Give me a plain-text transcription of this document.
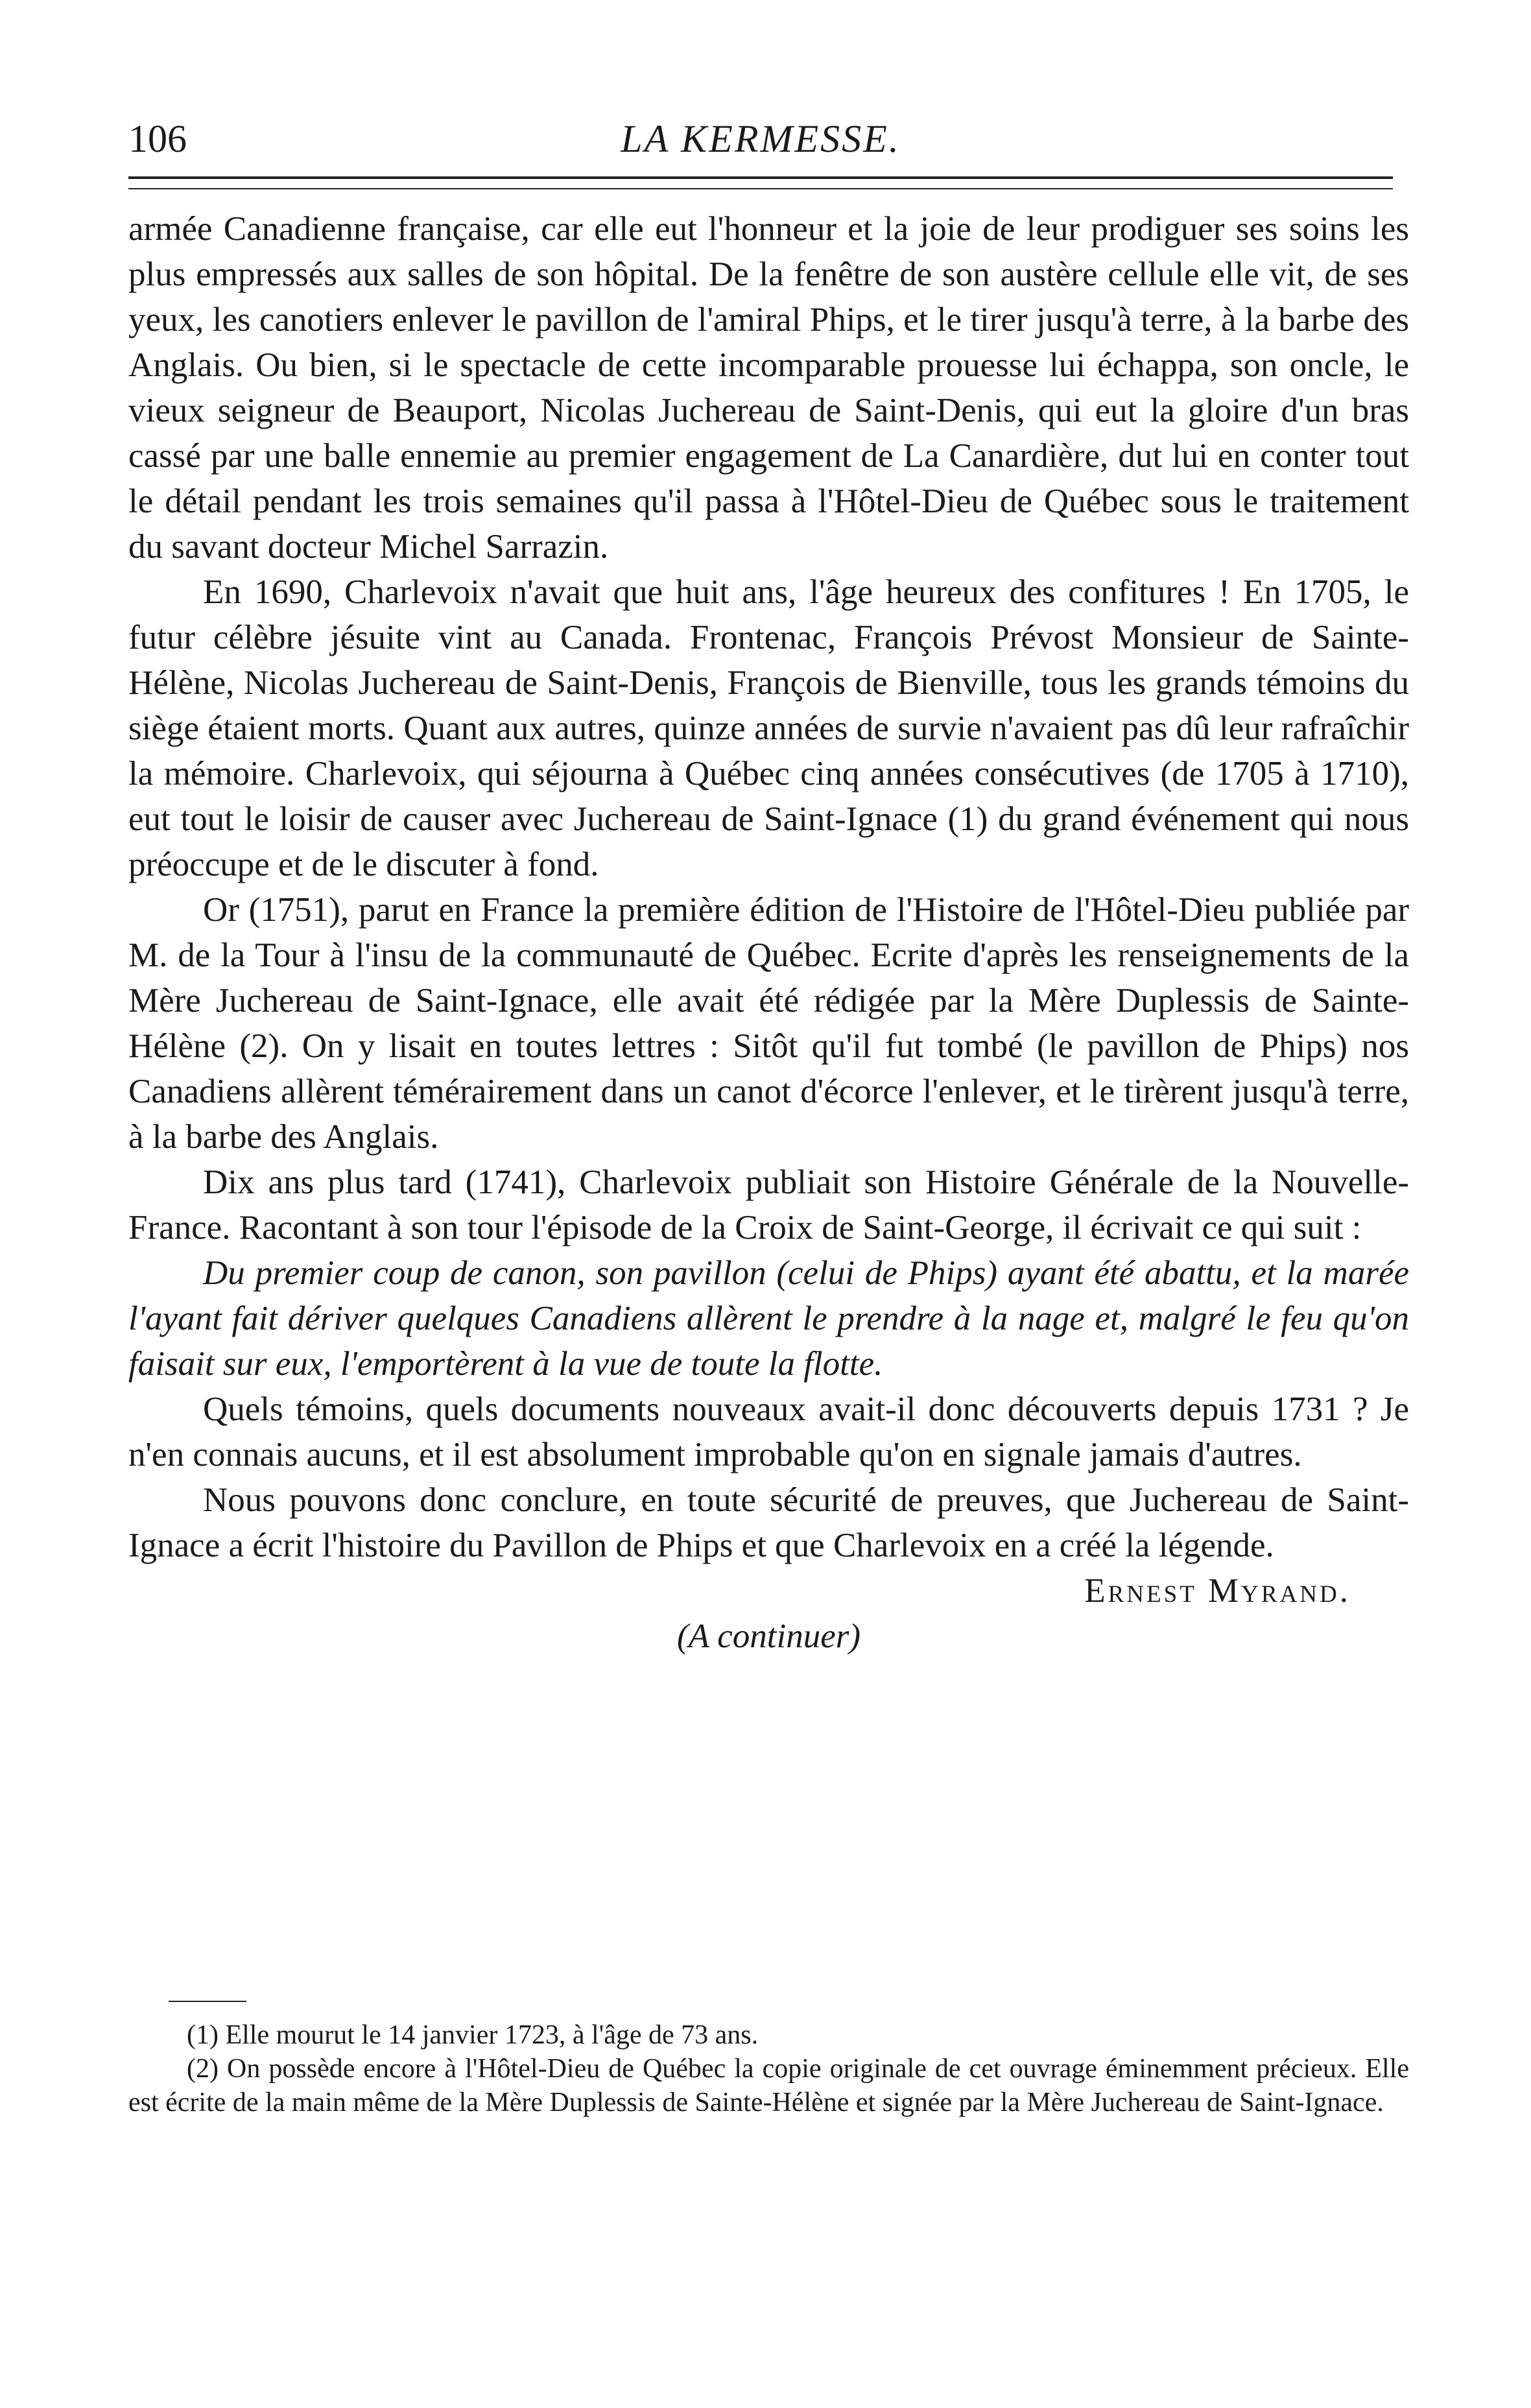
106	LA KERMESSE.

armée Canadienne française, car elle eut l'honneur et la joie de leur prodiguer ses soins les plus empressés aux salles de son hôpital. De la fenêtre de son austère cellule elle vit, de ses yeux, les canotiers enlever le pavillon de l'amiral Phips, et le tirer jusqu'à terre, à la barbe des Anglais. Ou bien, si le spectacle de cette incomparable prouesse lui échappa, son oncle, le vieux seigneur de Beauport, Nicolas Juchereau de Saint-Denis, qui eut la gloire d'un bras cassé par une balle ennemie au premier engagement de La Canardière, dut lui en conter tout le détail pendant les trois semaines qu'il passa à l'Hôtel-Dieu de Québec sous le traitement du savant docteur Michel Sarrazin.

En 1690, Charlevoix n'avait que huit ans, l'âge heureux des confitures ! En 1705, le futur célèbre jésuite vint au Canada. Frontenac, François Prévost Monsieur de Sainte-Hélène, Nicolas Juchereau de Saint-Denis, François de Bienville, tous les grands témoins du siège étaient morts. Quant aux autres, quinze années de survie n'avaient pas dû leur rafraîchir la mémoire. Charlevoix, qui séjourna à Québec cinq années consécutives (de 1705 à 1710), eut tout le loisir de causer avec Juchereau de Saint-Ignace (1) du grand événement qui nous préoccupe et de le discuter à fond.

Or (1751), parut en France la première édition de l'Histoire de l'Hôtel-Dieu publiée par M. de la Tour à l'insu de la communauté de Québec. Ecrite d'après les renseignements de la Mère Juchereau de Saint-Ignace, elle avait été rédigée par la Mère Duplessis de Sainte-Hélène (2). On y lisait en toutes lettres : Sitôt qu'il fut tombé (le pavillon de Phips) nos Canadiens allèrent témérairement dans un canot d'écorce l'enlever, et le tirèrent jusqu'à terre, à la barbe des Anglais.

Dix ans plus tard (1741), Charlevoix publiait son Histoire Générale de la Nouvelle-France. Racontant à son tour l'épisode de la Croix de Saint-George, il écrivait ce qui suit :

Du premier coup de canon, son pavillon (celui de Phips) ayant été abattu, et la marée l'ayant fait dériver quelques Canadiens allèrent le prendre à la nage et, malgré le feu qu'on faisait sur eux, l'emportèrent à la vue de toute la flotte.

Quels témoins, quels documents nouveaux avait-il donc découverts depuis 1731 ? Je n'en connais aucuns, et il est absolument improbable qu'on en signale jamais d'autres.

Nous pouvons donc conclure, en toute sécurité de preuves, que Juchereau de Saint-Ignace a écrit l'histoire du Pavillon de Phips et que Charlevoix en a créé la légende.

Ernest Myrand.

(A continuer)

(1) Elle mourut le 14 janvier 1723, à l'âge de 73 ans.

(2) On possède encore à l'Hôtel-Dieu de Québec la copie originale de cet ouvrage éminemment précieux. Elle est écrite de la main même de la Mère Duplessis de Sainte-Hélène et signée par la Mère Juchereau de Saint-Ignace.
